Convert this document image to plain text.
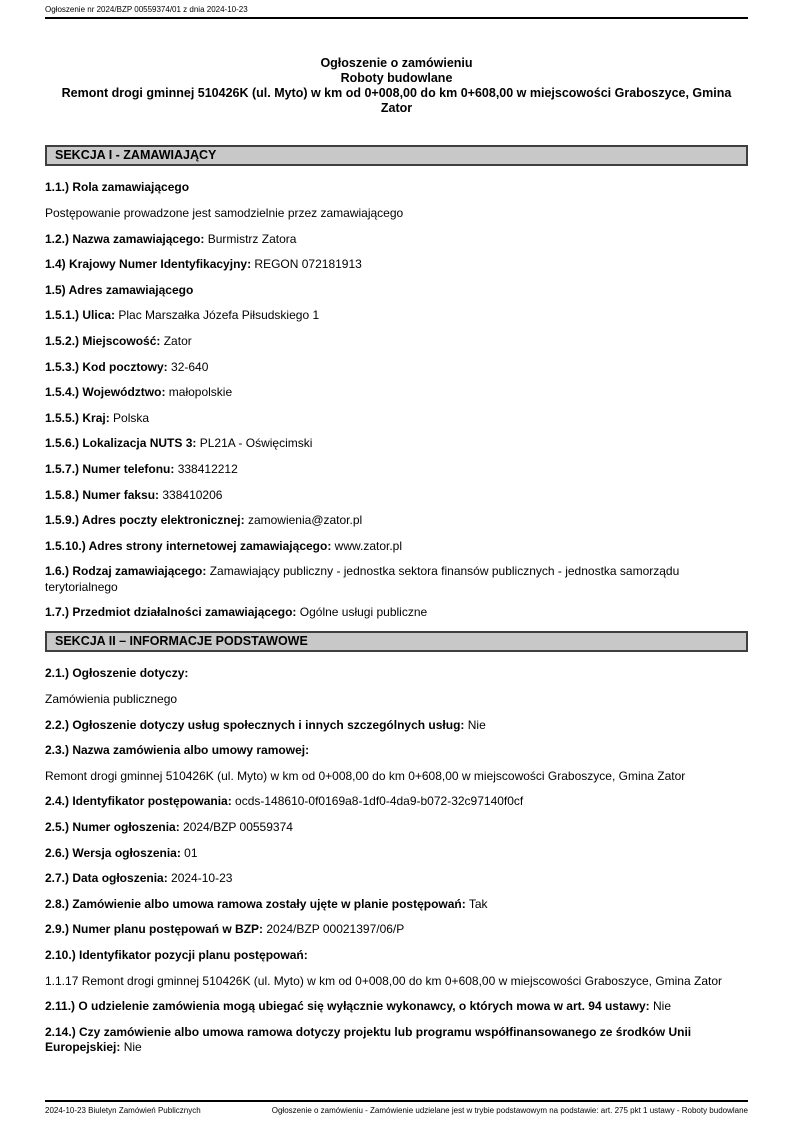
Ogłoszenie nr 2024/BZP 00559374/01 z dnia 2024-10-23
Ogłoszenie o zamówieniu
Roboty budowlane
Remont drogi gminnej 510426K (ul. Myto) w km od 0+008,00 do km 0+608,00 w miejscowości Graboszyce, Gmina Zator
SEKCJA I - ZAMAWIAJĄCY

1.1.) Rola zamawiającego

Postępowanie prowadzone jest samodzielnie przez zamawiającego

1.2.) Nazwa zamawiającego: Burmistrz Zatora

1.4) Krajowy Numer Identyfikacyjny: REGON 072181913

1.5) Adres zamawiającego

1.5.1.) Ulica: Plac Marszałka Józefa Piłsudskiego 1

1.5.2.) Miejscowość: Zator

1.5.3.) Kod pocztowy: 32-640

1.5.4.) Województwo: małopolskie

1.5.5.) Kraj: Polska

1.5.6.) Lokalizacja NUTS 3: PL21A - Oświęcimski

1.5.7.) Numer telefonu: 338412212

1.5.8.) Numer faksu: 338410206

1.5.9.) Adres poczty elektronicznej: zamowienia@zator.pl

1.5.10.) Adres strony internetowej zamawiającego: www.zator.pl

1.6.) Rodzaj zamawiającego: Zamawiający publiczny - jednostka sektora finansów publicznych - jednostka samorządu terytorialnego

1.7.) Przedmiot działalności zamawiającego: Ogólne usługi publiczne

SEKCJA II – INFORMACJE PODSTAWOWE

2.1.) Ogłoszenie dotyczy:

Zamówienia publicznego

2.2.) Ogłoszenie dotyczy usług społecznych i innych szczególnych usług: Nie

2.3.) Nazwa zamówienia albo umowy ramowej:

Remont drogi gminnej 510426K (ul. Myto) w km od 0+008,00 do km 0+608,00 w miejscowości Graboszyce, Gmina Zator

2.4.) Identyfikator postępowania: ocds-148610-0f0169a8-1df0-4da9-b072-32c97140f0cf

2.5.) Numer ogłoszenia: 2024/BZP 00559374

2.6.) Wersja ogłoszenia: 01

2.7.) Data ogłoszenia: 2024-10-23

2.8.) Zamówienie albo umowa ramowa zostały ujęte w planie postępowań: Tak

2.9.) Numer planu postępowań w BZP: 2024/BZP 00021397/06/P

2.10.) Identyfikator pozycji planu postępowań:

1.1.17 Remont drogi gminnej 510426K (ul. Myto) w km od 0+008,00 do km 0+608,00 w miejscowości Graboszyce, Gmina Zator

2.11.) O udzielenie zamówienia mogą ubiegać się wyłącznie wykonawcy, o których mowa w art. 94 ustawy: Nie

2.14.) Czy zamówienie albo umowa ramowa dotyczy projektu lub programu współfinansowanego ze środków Unii Europejskiej: Nie

2024-10-23 Biuletyn Zamówień Publicznych	Ogłoszenie o zamówieniu - Zamówienie udzielane jest w trybie podstawowym na podstawie: art. 275 pkt 1 ustawy - Roboty budowlane
